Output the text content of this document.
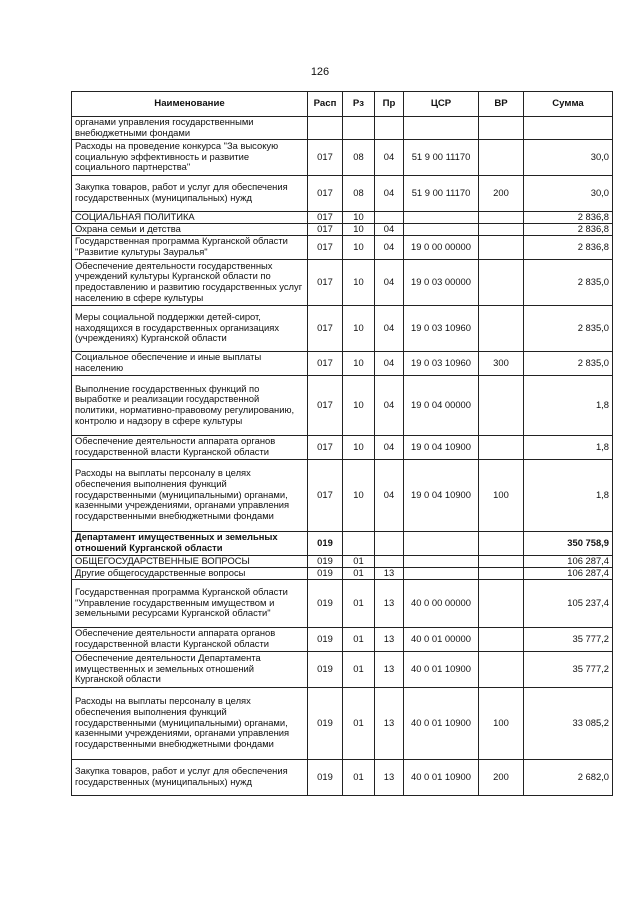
126
Наименование	Расп	Рз	Пр	ЦСР	ВР	Сумма
органами управления государственными внебюджетными фондами						
Расходы на проведение конкурса "За высокую социальную эффективность и развитие социального партнерства"	017	08	04	51 9 00 11170		30,0
Закупка товаров, работ и услуг для обеспечения государственных (муниципальных) нужд	017	08	04	51 9 00 11170	200	30,0
СОЦИАЛЬНАЯ ПОЛИТИКА	017	10				2 836,8
Охрана семьи и детства	017	10	04			2 836,8
Государственная программа Курганской области "Развитие культуры Зауралья"	017	10	04	19 0 00 00000		2 836,8
Обеспечение деятельности государственных учреждений культуры Курганской области по предоставлению и развитию государственных услуг населению в сфере культуры	017	10	04	19 0 03 00000		2 835,0
Меры социальной поддержки детей-сирот, находящихся в государственных организациях (учреждениях) Курганской области	017	10	04	19 0 03 10960		2 835,0
Социальное обеспечение и иные выплаты населению	017	10	04	19 0 03 10960	300	2 835,0
Выполнение государственных функций по выработке и реализации государственной политики, нормативно-правовому регулированию, контролю и надзору в сфере культуры	017	10	04	19 0 04 00000		1,8
Обеспечение деятельности аппарата органов государственной власти Курганской области	017	10	04	19 0 04 10900		1,8
Расходы на выплаты персоналу в целях обеспечения выполнения функций государственными (муниципальными) органами, казенными учреждениями, органами управления государственными внебюджетными фондами	017	10	04	19 0 04 10900	100	1,8
Департамент имущественных и земельных отношений Курганской области	019					350 758,9
ОБЩЕГОСУДАРСТВЕННЫЕ ВОПРОСЫ	019	01				106 287,4
Другие общегосударственные вопросы	019	01	13			106 287,4
Государственная программа Курганской области "Управление государственным имуществом и земельными ресурсами Курганской области"	019	01	13	40 0 00 00000		105 237,4
Обеспечение деятельности аппарата органов государственной власти Курганской области	019	01	13	40 0 01 00000		35 777,2
Обеспечение деятельности Департамента имущественных и земельных отношений Курганской области	019	01	13	40 0 01 10900		35 777,2
Расходы на выплаты персоналу в целях обеспечения выполнения функций государственными (муниципальными) органами, казенными учреждениями, органами управления государственными внебюджетными фондами	019	01	13	40 0 01 10900	100	33 085,2
Закупка товаров, работ и услуг для обеспечения государственных (муниципальных) нужд	019	01	13	40 0 01 10900	200	2 682,0
